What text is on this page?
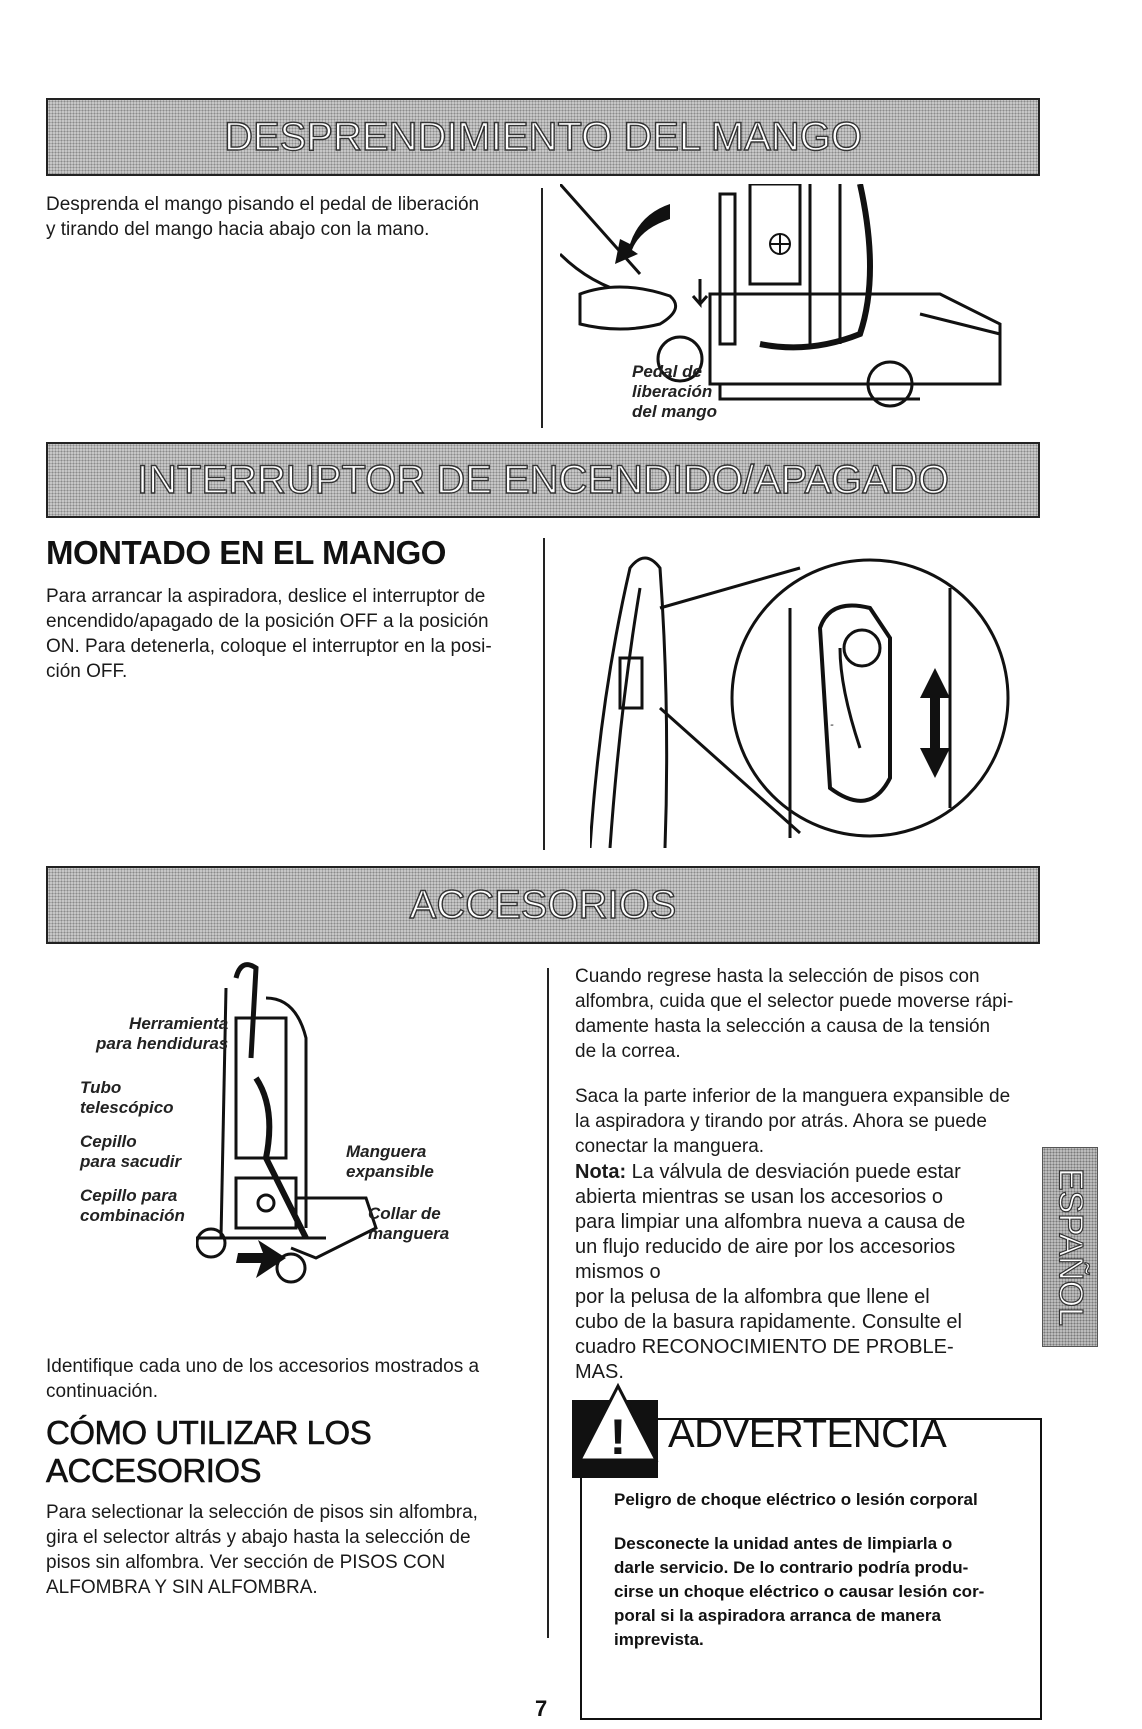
DESPRENDIMIENTO DEL MANGO

Desprenda el mango pisando el pedal de liberación

y tirando del mango hacia abajo con la mano.

Pedal de
liberación
del mango
INTERRUPTOR DE ENCENDIDO/APAGADO
MONTADO EN EL MANGO

Para arrancar la aspiradora, deslice el interruptor de

encendido/apagado de la posición OFF a la posición

ON. Para detenerla, coloque el interruptor en la posi-

ción OFF.

-
ACCESORIOS
Herramienta
para hendiduras
Tubo
telescópico
Cepillo
para sacudir
Cepillo para
combinación
Manguera
expansible
Collar de
manguera

Identifique cada uno de los accesorios mostrados a

continuación.

CÓMO UTILIZAR LOS
ACCESORIOS

Para selectionar la selección de pisos sin alfombra,

gira el selector altrás y abajo hasta la selección de

pisos sin alfombra. Ver sección de PISOS CON

ALFOMBRA Y SIN ALFOMBRA.

Cuando regrese hasta la selección de pisos con

alfombra, cuida que el selector puede moverse rápi-

damente hasta la selección a causa de la tensión

de la correa.

Saca la parte inferior de la manguera expansible de

la aspiradora y tirando por atrás. Ahora se puede

conectar la manguera.

Nota: La válvula de desviación puede estar

abierta mientras se usan los accesorios o

para limpiar una alfombra nueva a causa de

un flujo reducido de aire por los accesorios

mismos o

por la pelusa de la alfombra que llene el

cubo de la basura rapidamente. Consulte el

cuadro RECONOCIMIENTO DE PROBLE-

MAS.

ESPAÑOL
! ADVERTENCIA
Peligro de choque eléctrico o lesión corporal
Desconecte la unidad antes de limpiarla o
darle servicio. De lo contrario podría produ-
cirse un choque eléctrico o causar lesión cor-
poral si la aspiradora arranca de manera
imprevista.
7
